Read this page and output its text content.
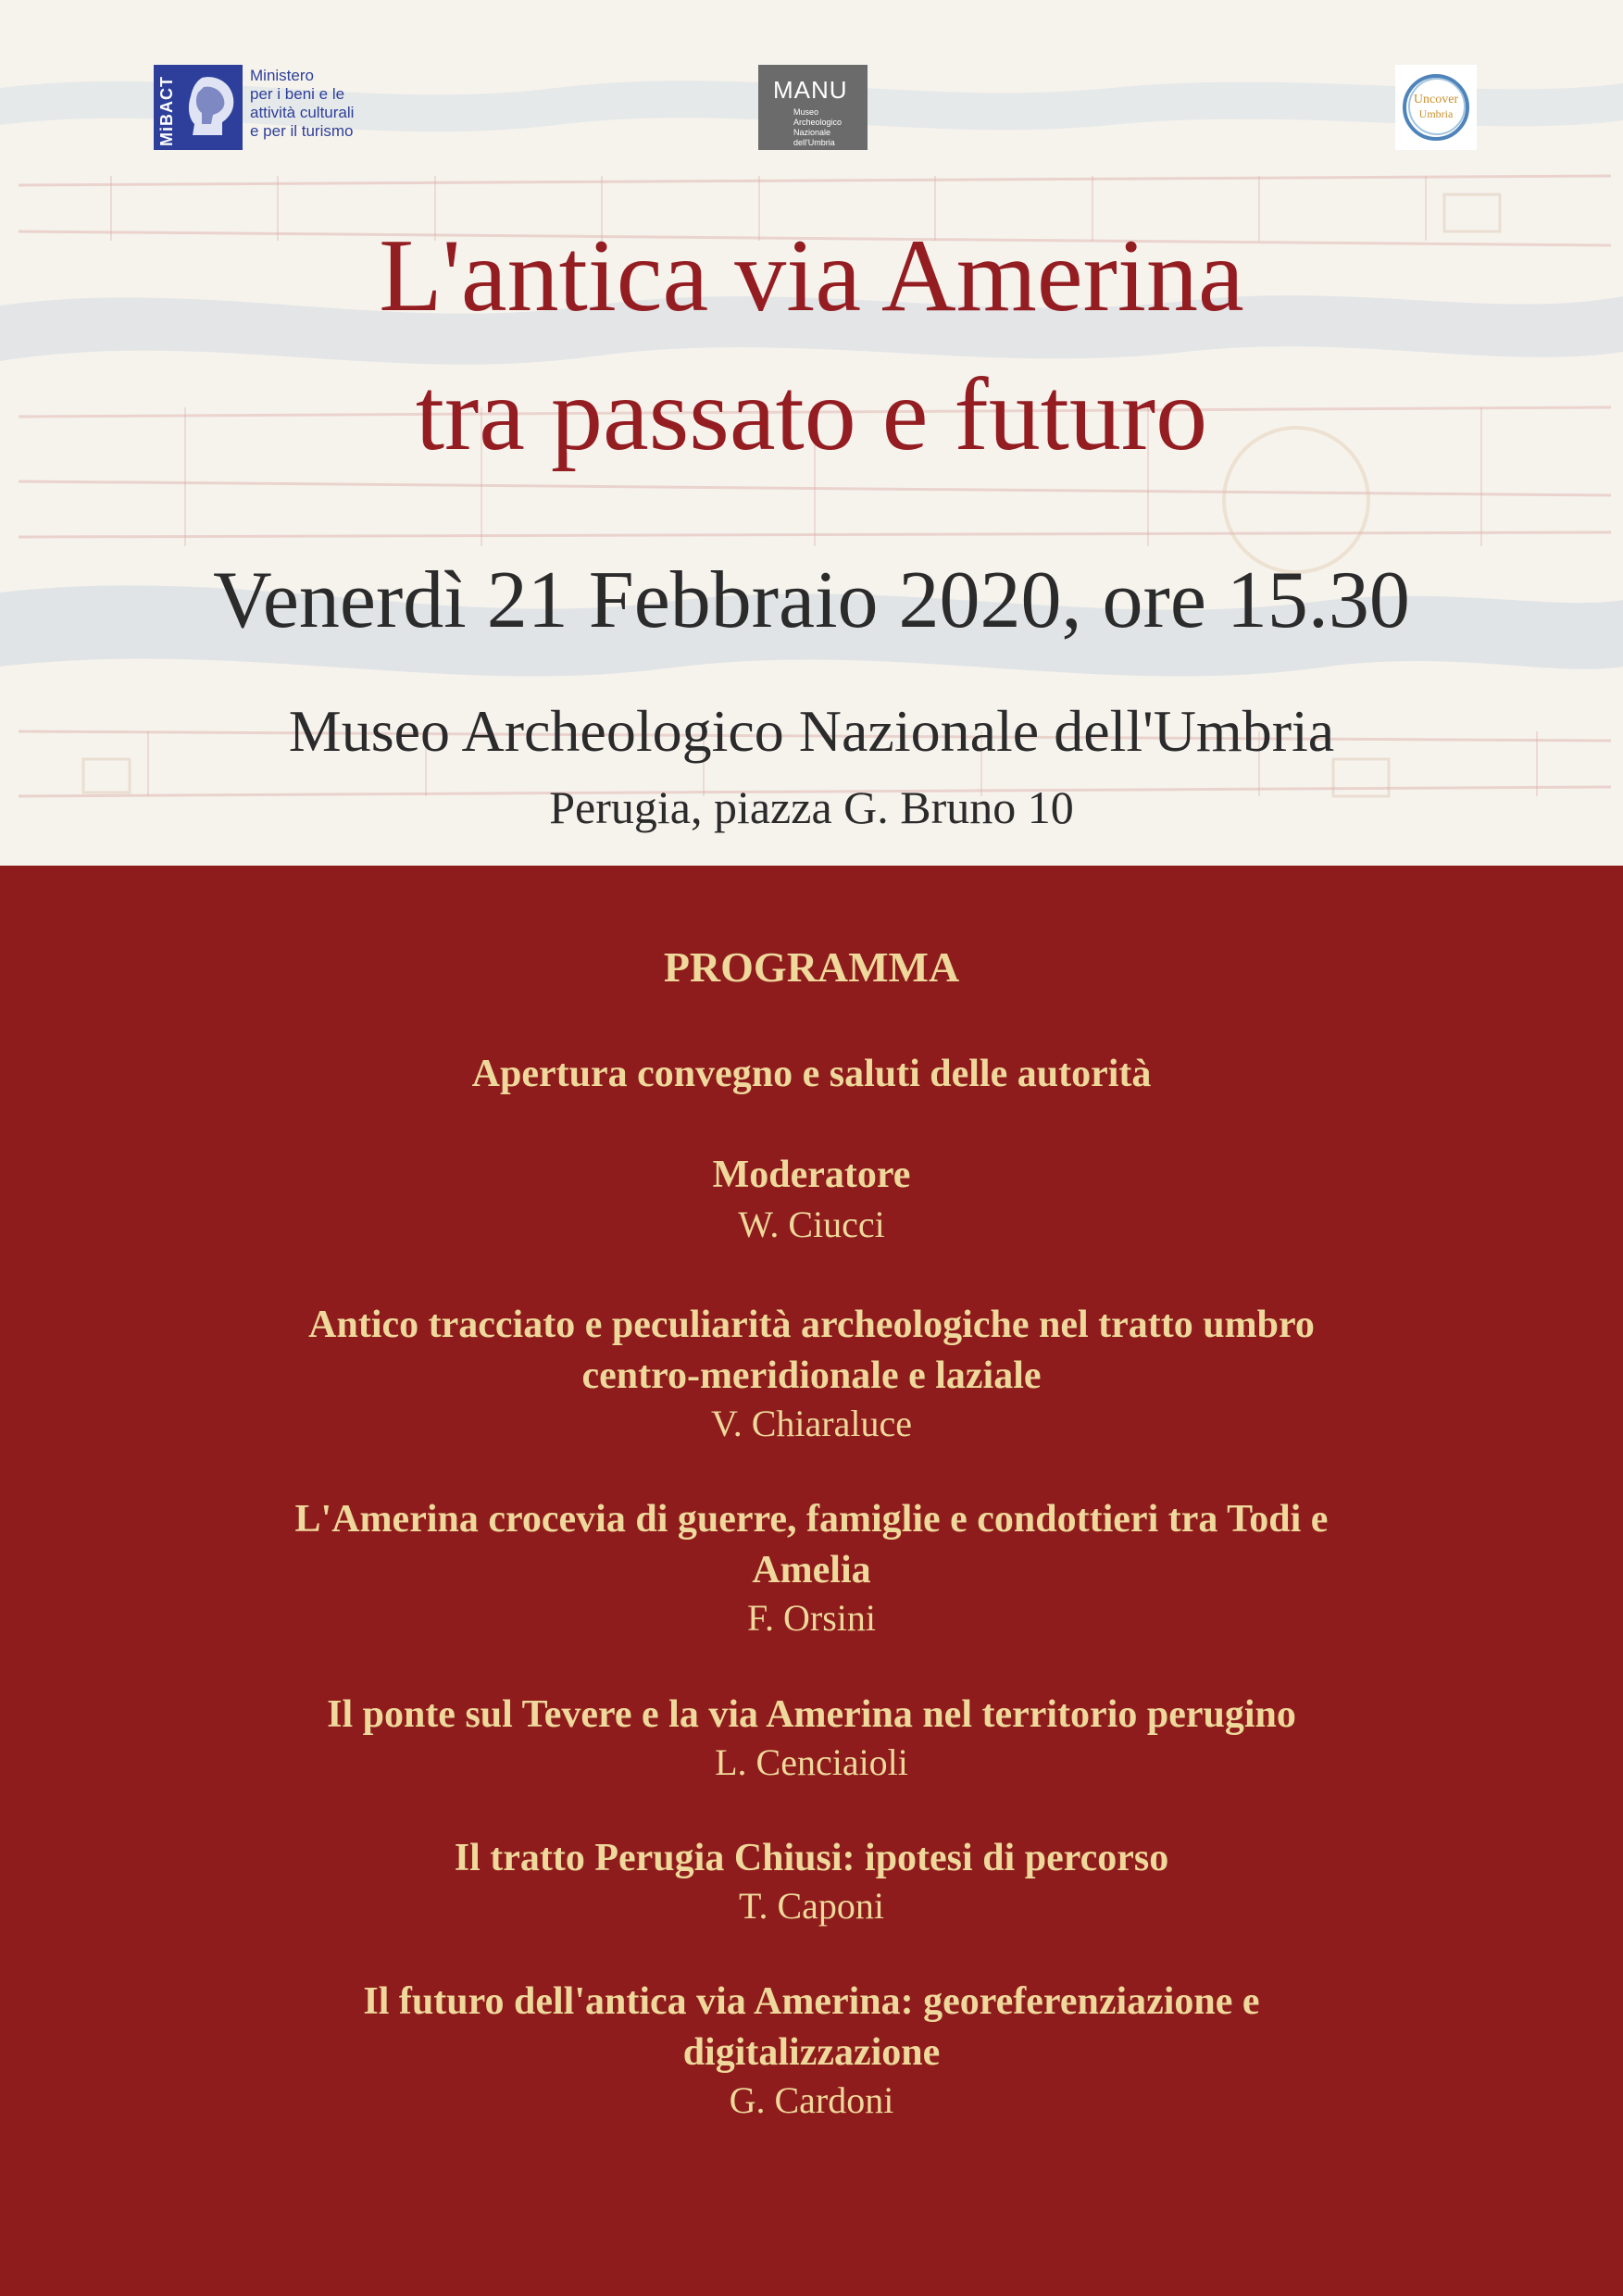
MiBACT
Ministero
per i beni e le
attività culturali
e per il turismo
MANU
Museo
Archeologico
Nazionale
dell'Umbria
Uncover
Umbria
L'antica via Amerina
tra passato e futuro
Venerdì 21 Febbraio 2020, ore 15.30
Museo Archeologico Nazionale dell'Umbria
Perugia, piazza G. Bruno 10
PROGRAMMA
Apertura convegno e saluti delle autorità
Moderatore
W. Ciucci
Antico tracciato e peculiarità archeologiche nel tratto umbro
centro-meridionale e laziale
V. Chiaraluce
L'Amerina crocevia di guerre, famiglie e condottieri tra Todi e
Amelia
F. Orsini
Il ponte sul Tevere e la via Amerina nel territorio perugino
L. Cenciaioli
Il tratto Perugia Chiusi: ipotesi di percorso
T. Caponi
Il futuro dell'antica via Amerina: georeferenziazione e
digitalizzazione
G. Cardoni
